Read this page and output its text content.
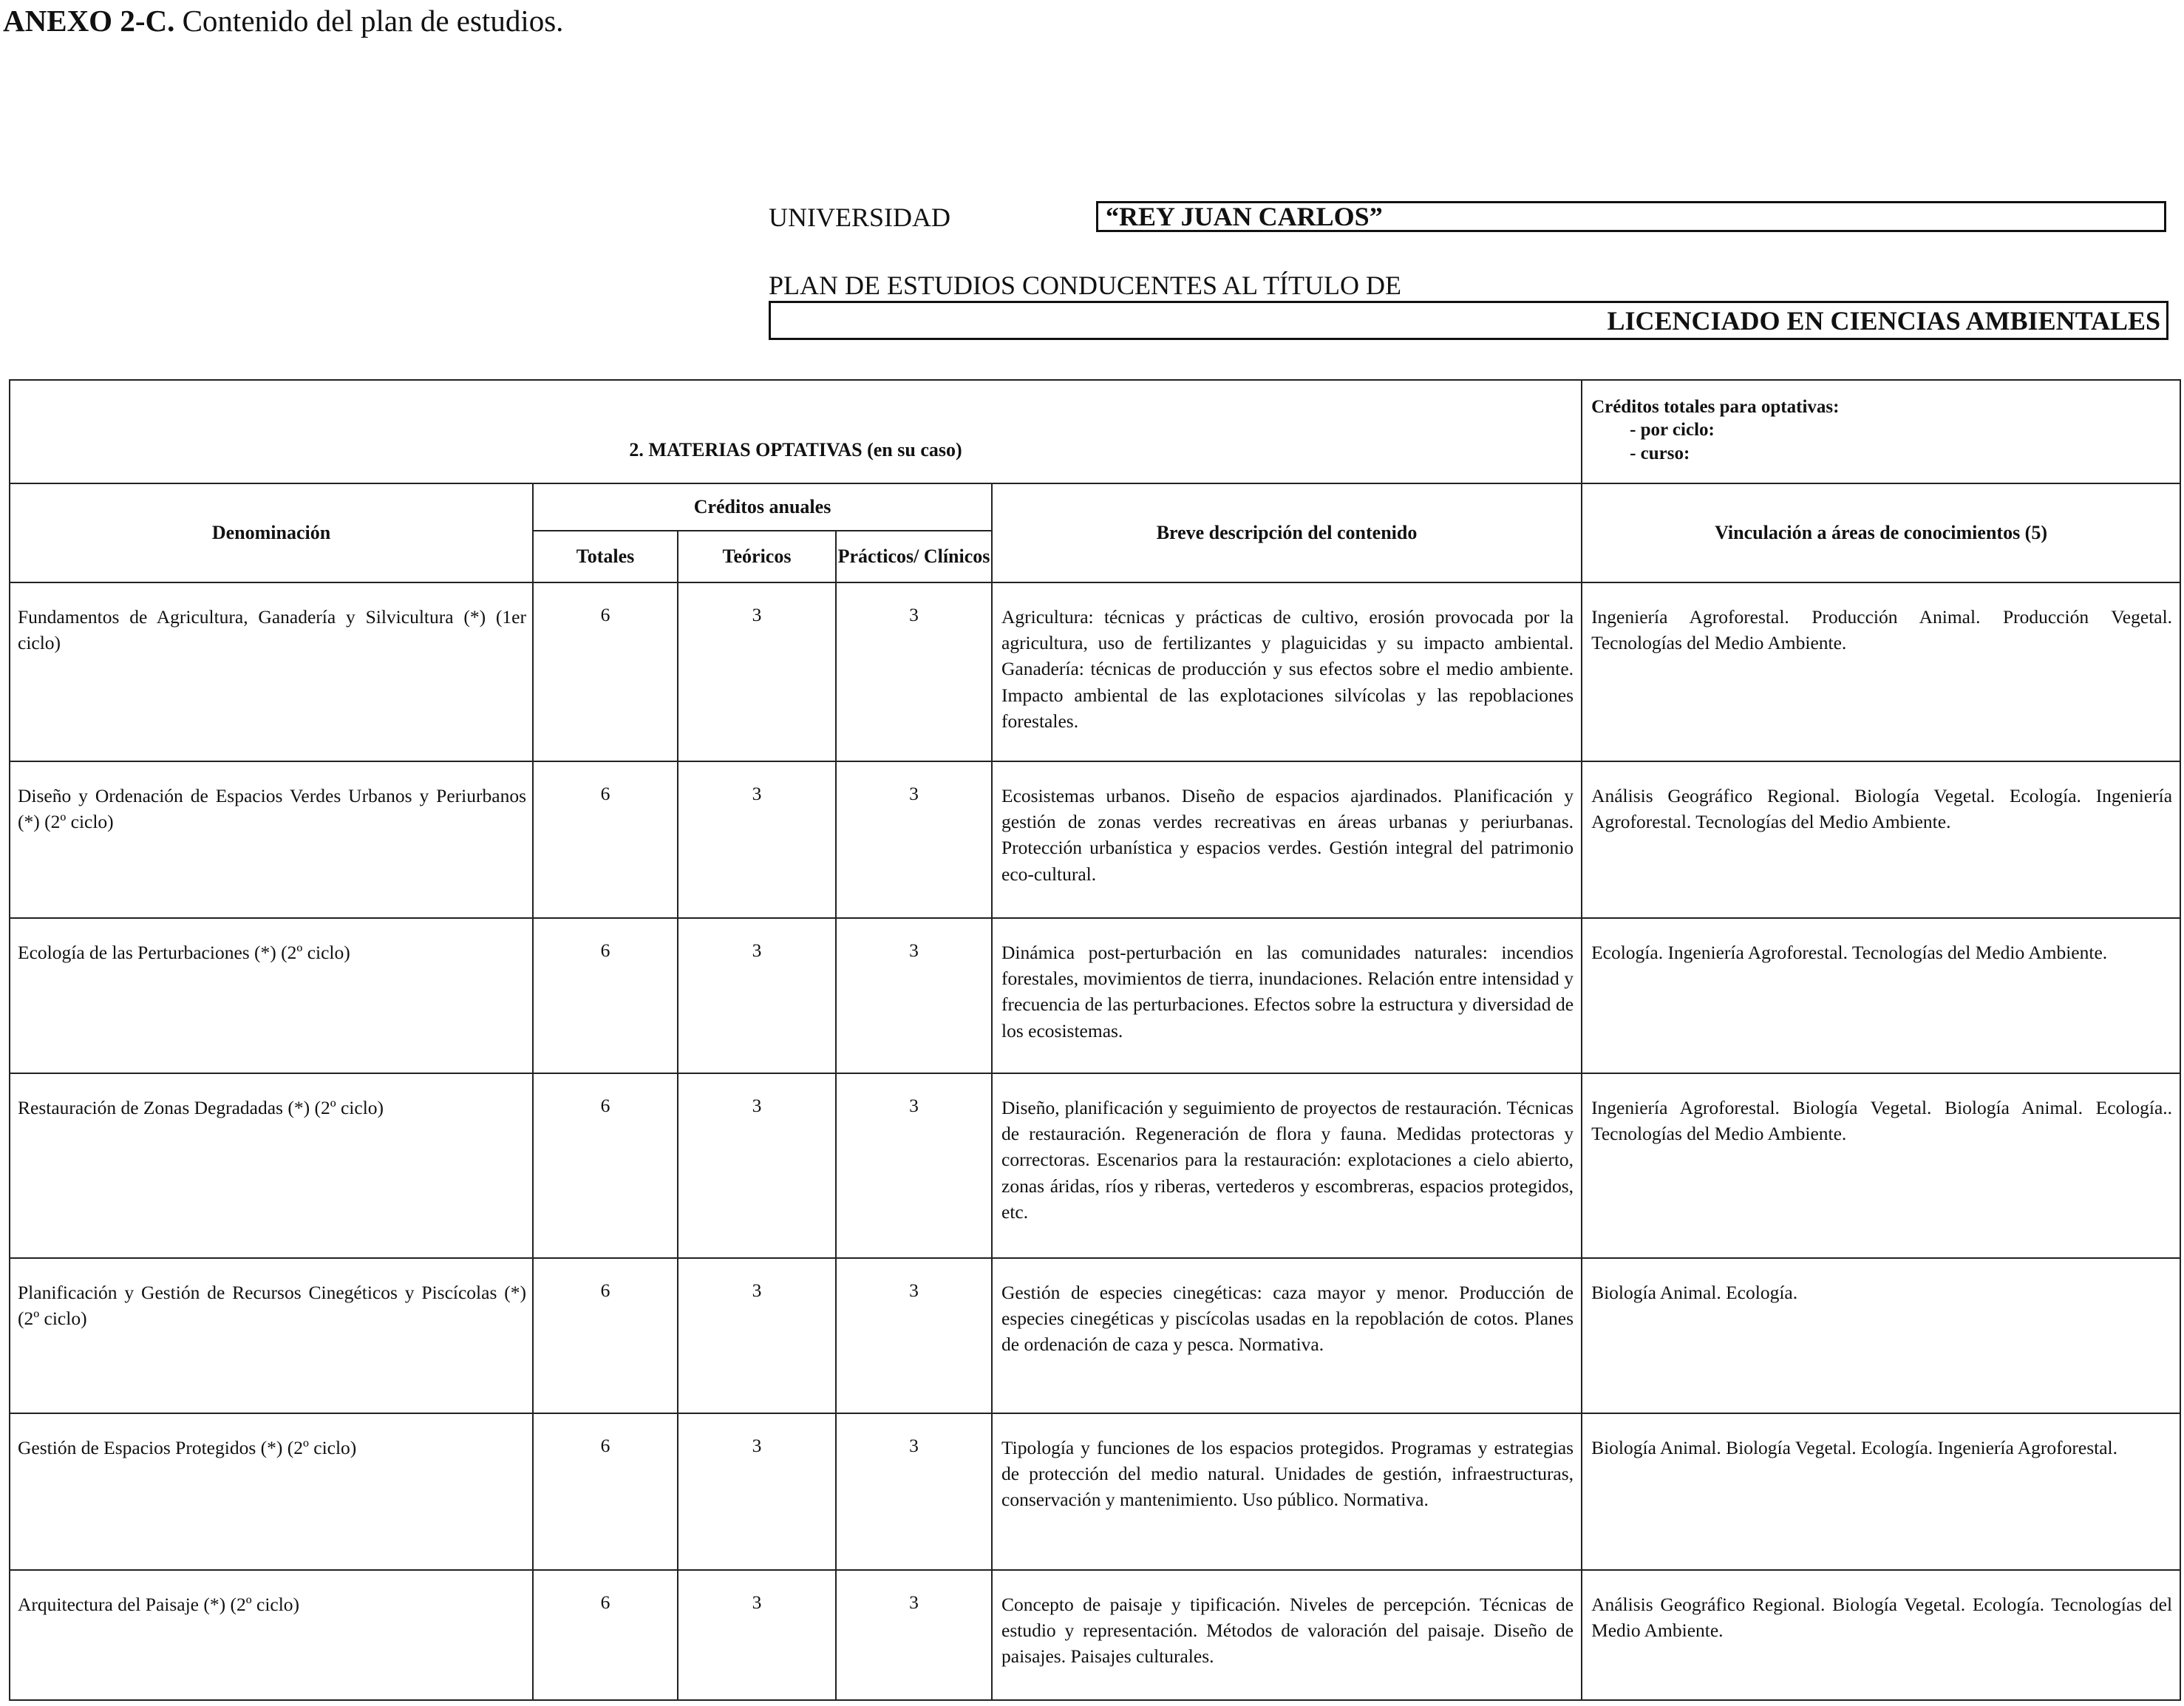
ANEXO 2-C. Contenido del plan de estudios.
UNIVERSIDAD	“REY JUAN CARLOS”
PLAN DE ESTUDIOS CONDUCENTES AL TÍTULO DE
LICENCIADO EN CIENCIAS AMBIENTALES
2. MATERIAS OPTATIVAS (en su caso)					Créditos totales para optativas:
- por ciclo:
- curso:

Denominación	Créditos anuales			Breve descripción del contenido	Vinculación a áreas de conocimientos (5)
	Totales	Teóricos	Prácticos/ Clínicos		
Fundamentos de Agricultura, Ganadería y Silvicultura (*) (1er ciclo)	6	3	3	Agricultura: técnicas y prácticas de cultivo, erosión provocada por la agricultura, uso de fertilizantes y plaguicidas y su impacto ambiental. Ganadería: técnicas de producción y sus efectos sobre el medio ambiente. Impacto ambiental de las explotaciones silvícolas y las repoblaciones forestales.	Ingeniería Agroforestal. Producción Animal. Producción Vegetal. Tecnologías del Medio Ambiente.
Diseño y Ordenación de Espacios Verdes Urbanos y Periurbanos (*) (2º ciclo)	6	3	3	Ecosistemas urbanos. Diseño de espacios ajardinados. Planificación y gestión de zonas verdes recreativas en áreas urbanas y periurbanas. Protección urbanística y espacios verdes. Gestión integral del patrimonio eco-cultural.	Análisis Geográfico Regional. Biología Vegetal. Ecología. Ingeniería Agroforestal. Tecnologías del Medio Ambiente.
Ecología de las Perturbaciones (*) (2º ciclo)	6	3	3	Dinámica post-perturbación en las comunidades naturales: incendios forestales, movimientos de tierra, inundaciones. Relación entre intensidad y frecuencia de las perturbaciones. Efectos sobre la estructura y diversidad de los ecosistemas.	Ecología. Ingeniería Agroforestal. Tecnologías del Medio Ambiente.
Restauración de Zonas Degradadas (*) (2º ciclo)	6	3	3	Diseño, planificación y seguimiento de proyectos de restauración. Técnicas de restauración. Regeneración de flora y fauna. Medidas protectoras y correctoras. Escenarios para la restauración: explotaciones a cielo abierto, zonas áridas, ríos y riberas, vertederos y escombreras, espacios protegidos, etc.	Ingeniería Agroforestal. Biología Vegetal. Biología Animal. Ecología.. Tecnologías del Medio Ambiente.
Planificación y Gestión de Recursos Cinegéticos y Piscícolas (*) (2º ciclo)	6	3	3	Gestión de especies cinegéticas: caza mayor y menor. Producción de especies cinegéticas y piscícolas usadas en la repoblación de cotos. Planes de ordenación de caza y pesca. Normativa.	Biología Animal. Ecología.
Gestión de Espacios Protegidos (*) (2º ciclo)	6	3	3	Tipología y funciones de los espacios protegidos. Programas y estrategias de protección del medio natural. Unidades de gestión, infraestructuras, conservación y mantenimiento. Uso público. Normativa.	Biología Animal. Biología Vegetal. Ecología. Ingeniería Agroforestal.
Arquitectura del Paisaje (*) (2º ciclo)	6	3	3	Concepto de paisaje y tipificación. Niveles de percepción. Técnicas de estudio y representación. Métodos de valoración del paisaje. Diseño de paisajes. Paisajes culturales.	Análisis Geográfico Regional. Biología Vegetal. Ecología. Tecnologías del Medio Ambiente.
